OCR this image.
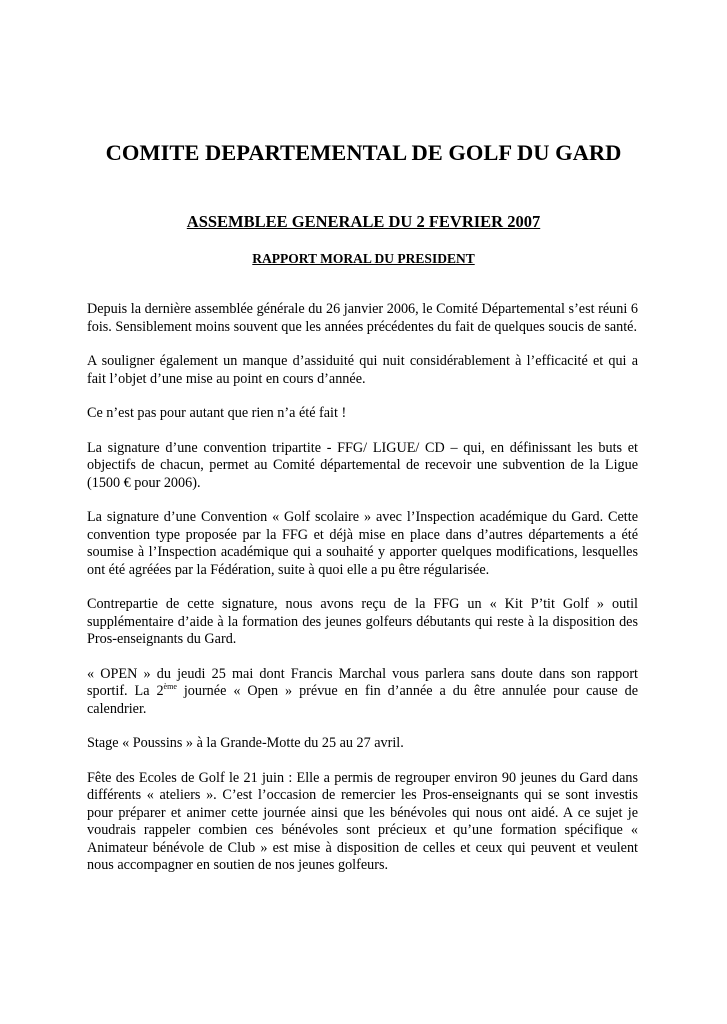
COMITE DEPARTEMENTAL DE GOLF DU GARD
ASSEMBLEE GENERALE DU 2 FEVRIER 2007
RAPPORT MORAL DU PRESIDENT

Depuis la dernière assemblée générale du 26 janvier 2006, le Comité Départemental s’est réuni 6 fois. Sensiblement moins souvent que les années précédentes du fait de quelques soucis de santé.

A souligner également un manque d’assiduité qui nuit considérablement à l’efficacité et qui a fait l’objet d’une mise au point en cours d’année.

Ce n’est pas pour autant que rien n’a été fait !

La signature d’une convention tripartite - FFG/ LIGUE/ CD – qui, en définissant les buts et objectifs de chacun, permet au Comité départemental de recevoir une subvention de la Ligue (1500 € pour 2006).

La signature d’une Convention « Golf scolaire » avec l’Inspection académique du Gard. Cette convention type proposée par la FFG et déjà mise en place dans d’autres départements a été soumise à l’Inspection académique qui a souhaité y apporter quelques modifications, lesquelles ont été agréées par la Fédération, suite à quoi elle a pu être régularisée.

Contrepartie de cette signature, nous avons reçu de la FFG un « Kit P’tit Golf » outil supplémentaire d’aide à la formation des jeunes golfeurs débutants qui reste à la disposition des Pros-enseignants du Gard.

« OPEN » du jeudi 25 mai dont Francis Marchal vous parlera sans doute dans son rapport sportif. La 2ème journée « Open » prévue en fin d’année a du être annulée pour cause de calendrier.

Stage « Poussins » à la Grande-Motte du 25 au 27 avril.

Fête des Ecoles de Golf le 21 juin : Elle a permis de regrouper environ 90 jeunes du Gard dans différents « ateliers ». C’est l’occasion de remercier les Pros-enseignants qui se sont investis pour préparer et animer cette journée ainsi que les bénévoles qui nous ont aidé. A ce sujet je voudrais rappeler combien ces bénévoles sont précieux et qu’une formation spécifique « Animateur bénévole de Club » est mise à disposition de celles et ceux qui peuvent et veulent nous accompagner en soutien de nos jeunes golfeurs.
